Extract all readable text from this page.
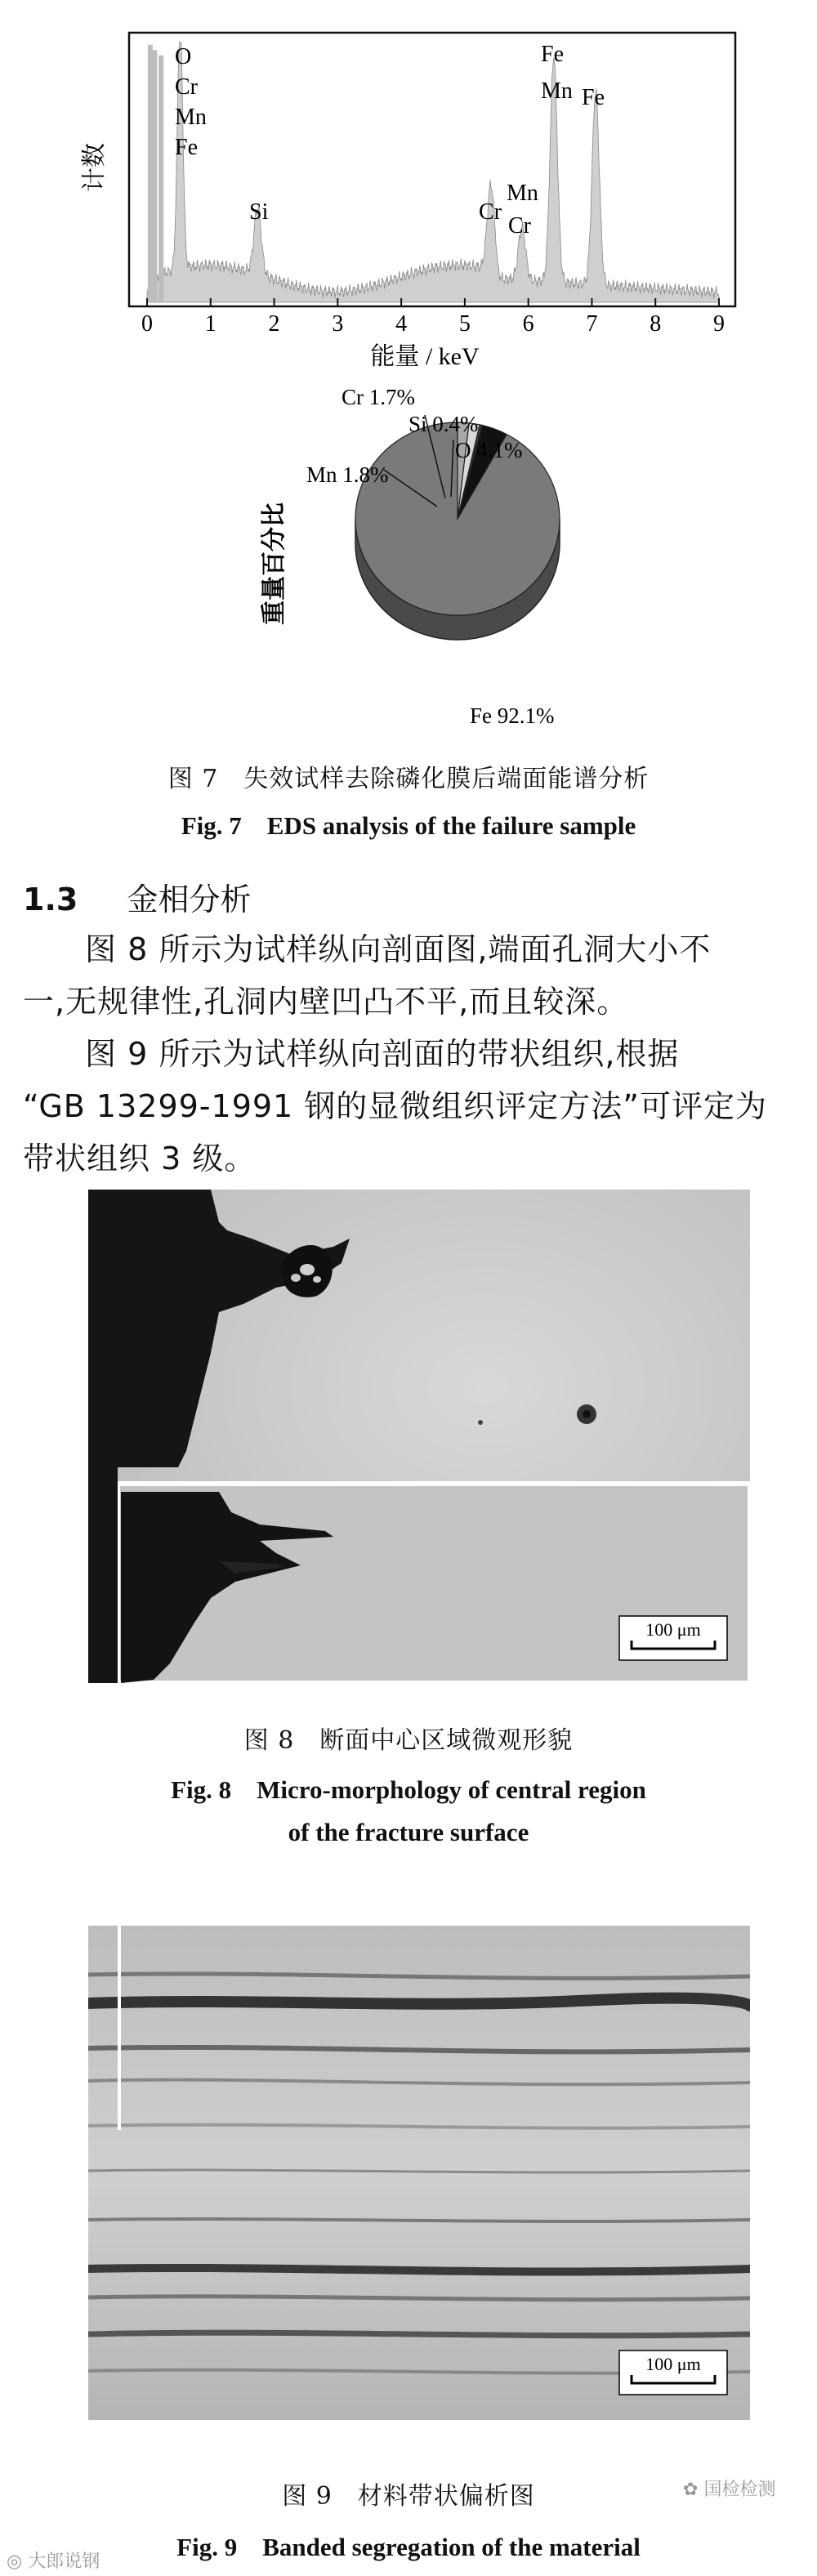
0 1 2 3 4 5 6 7 8 9
O
Cr
Mn
Fe
Si	Cr
Mn
Cr
Fe
Mn Fe
计数
能量 / keV
重量百分比
Fe 92.1%
Mn 1.8%
Cr 1.7%
Si 0.4%
O 4.1%
图 7　失效试样去除磷化膜后端面能谱分析
Fig. 7　EDS analysis of the failure sample
1.3 金相分析
图 8 所示为试样纵向剖面图,端面孔洞大小不
一,无规律性,孔洞内壁凹凸不平,而且较深。
图 9 所示为试样纵向剖面的带状组织,根据
“GB 13299-1991 钢的显微组织评定方法”可评定为
带状组织 3 级。
100 μm
图 8　断面中心区域微观形貌
Fig. 8　Micro-morphology of central region
of the fracture surface
100 μm
图 9　材料带状偏析图
Fig. 9　Banded segregation of the material
◎ 大郎说钢
✿ 国检检测
